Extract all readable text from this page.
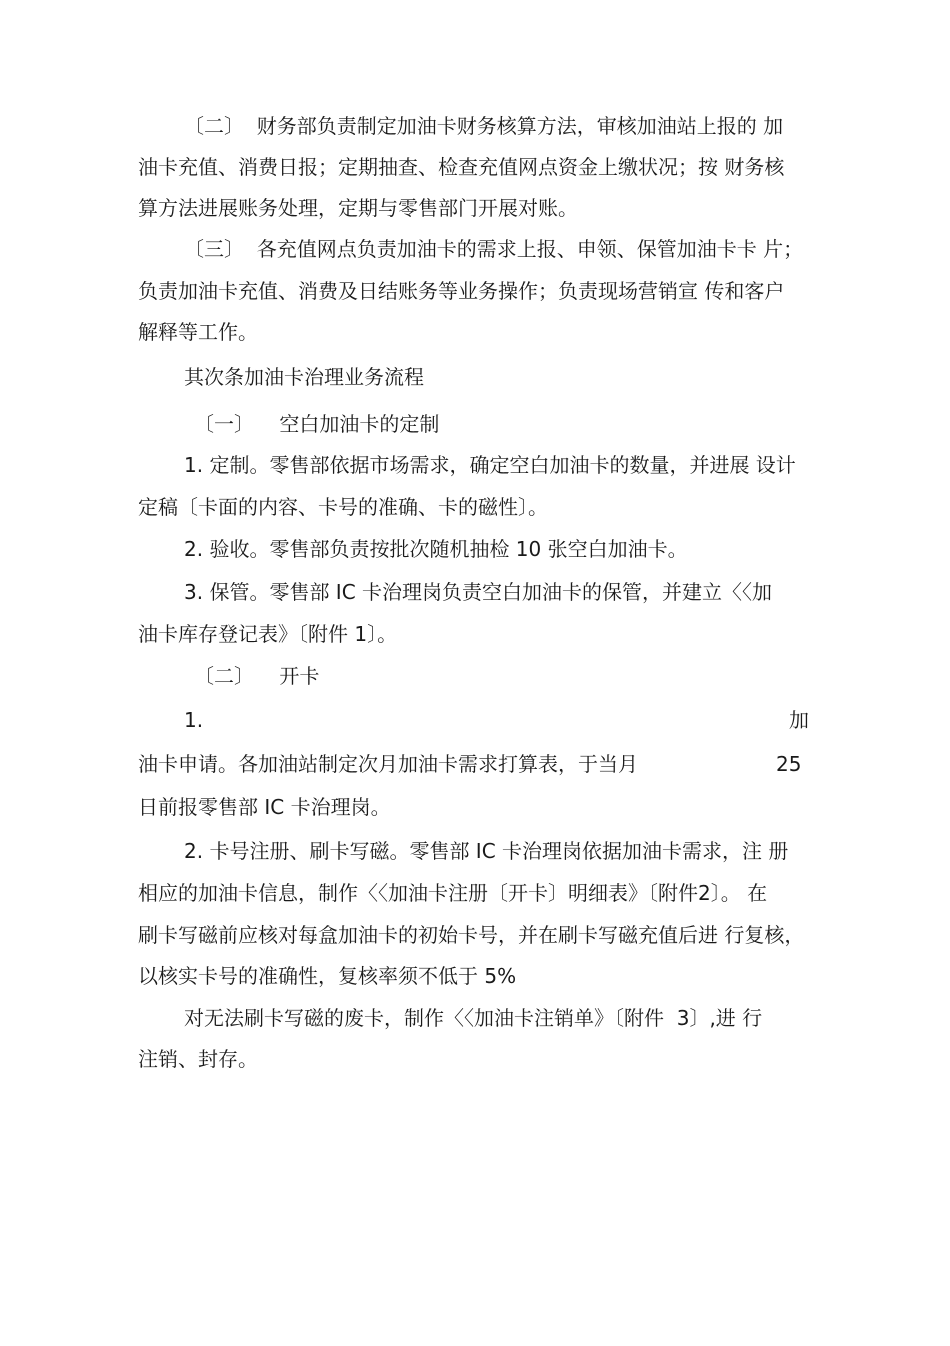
〔二〕  财务部负责制定加油卡财务核算方法，审核加油站上报的 加

油卡充值、消费日报；定期抽查、检查充值网点资金上缴状况；按 财务核

算方法进展账务处理，定期与零售部门开展对账。

〔三〕  各充值网点负责加油卡的需求上报、申领、保管加油卡卡 片；

负责加油卡充值、消费及日结账务等业务操作；负责现场营销宣 传和客户

解释等工作。

其次条加油卡治理业务流程

〔一〕    空白加油卡的定制

1. 定制。零售部依据市场需求，确定空白加油卡的数量，并进展 设计

定稿〔卡面的内容、卡号的准确、卡的磁性〕。

2. 验收。零售部负责按批次随机抽检 10 张空白加油卡。

3. 保管。零售部 IC 卡治理岗负责空白加油卡的保管，并建立〈〈加

油卡库存登记表》〔附件 1〕。

〔二〕    开卡

1.	加

油卡申请。各加油站制定次月加油卡需求打算表，于当月	25

日前报零售部 IC 卡治理岗。

2. 卡号注册、刷卡写磁。零售部 IC 卡治理岗依据加油卡需求，注 册

相应的加油卡信息，制作〈〈加油卡注册〔开卡〕明细表》〔附件2〕。 在

刷卡写磁前应核对每盒加油卡的初始卡号，并在刷卡写磁充值后进 行复核，

以核实卡号的准确性，复核率须不低于 5%

对无法刷卡写磁的废卡，制作〈〈加油卡注销单》〔附件  3〕,进 行

注销、封存。
